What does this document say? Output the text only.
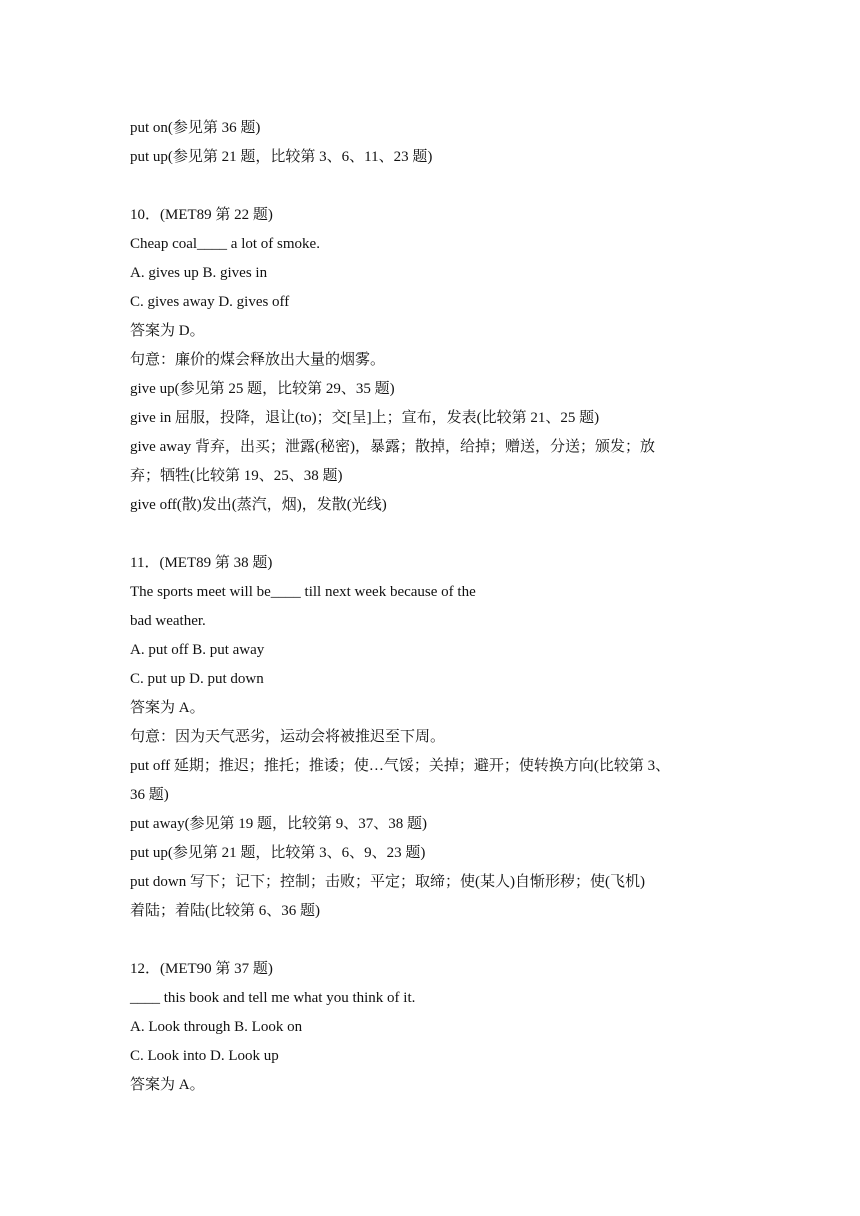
put on(参见第 36 题)
put up(参见第 21 题，比较第 3、6、11、23 题)
10．(MET89 第 22 题)
Cheap coal____ a lot of smoke.
A. gives up B. gives in
C. gives away D. gives off
答案为 D。
句意：廉价的煤会释放出大量的烟雾。
give up(参见第 25 题，比较第 29、35 题)
give in 屈服，投降，退让(to)；交[呈]上；宣布，发表(比较第 21、25 题)
give away 背弃，出买；泄露(秘密)，暴露；散掉，给掉；赠送，分送；颁发；放
弃；牺牲(比较第 19、25、38 题)
give off(散)发出(蒸汽，烟)，发散(光线)
11．(MET89 第 38 题)
The sports meet will be____ till next week because of the
bad weather.
A. put off B. put away
C. put up D. put down
答案为 A。
句意：因为天气恶劣，运动会将被推迟至下周。
put off 延期；推迟；推托；推诿；使…气馁；关掉；避开；使转换方向(比较第 3、
36 题)
put away(参见第 19 题，比较第 9、37、38 题)
put up(参见第 21 题，比较第 3、6、9、23 题)
put down 写下；记下；控制；击败；平定；取缔；使(某人)自惭形秽；使(飞机)
着陆；着陆(比较第 6、36 题)
12．(MET90 第 37 题)
____ this book and tell me what you think of it.
A. Look through B. Look on
C. Look into D. Look up
答案为 A。
